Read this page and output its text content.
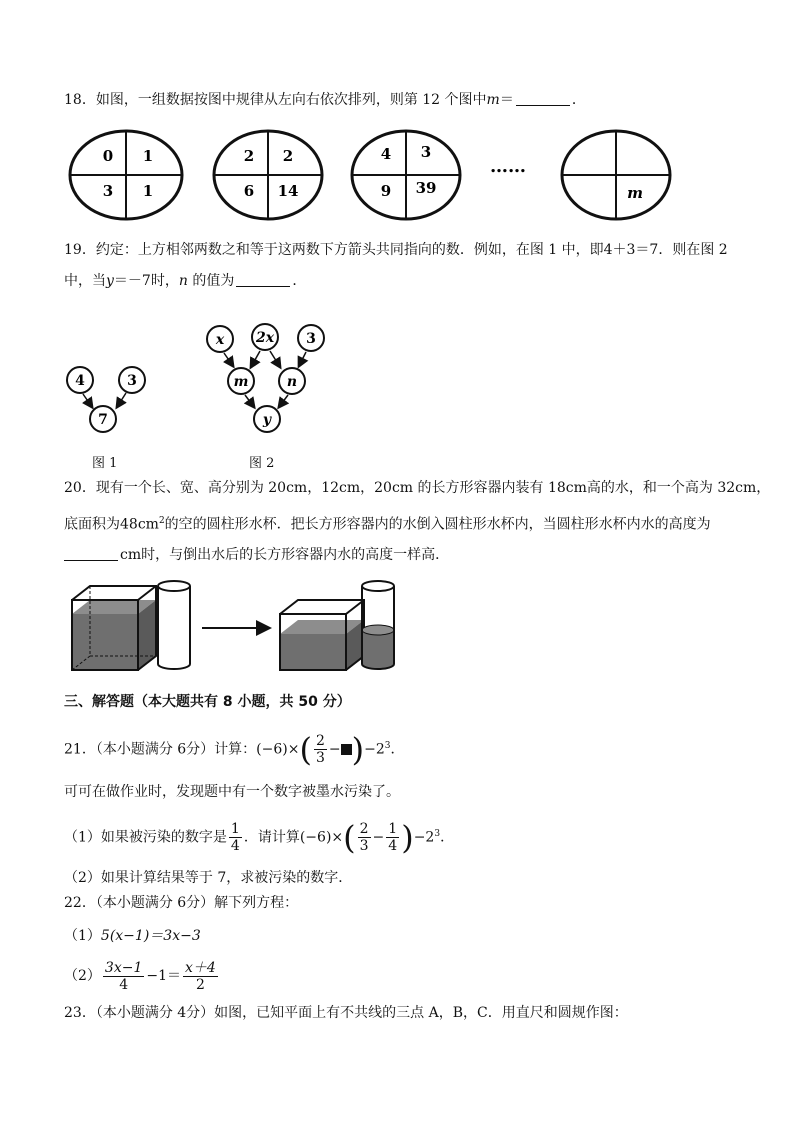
18．如图，一组数据按图中规律从左向右依次排列，则第 12 个图中m＝	．
0 1
3 1
2 2
6 14
4 3
9 39
……
m
19．约定：上方相邻两数之和等于这两数下方箭头共同指向的数．例如，在图 1 中，即4＋3＝7．则在图 2
中，当y＝－7时，n 的值为	．
4	3
7
x 2x 3
m	n
y
图 1	图 2
20．现有一个长、宽、高分别为 20cm，12cm，20cm 的长方形容器内装有 18cm高的水，和一个高为 32cm，
底面积为$48cm^2$的空的圆柱形水杯．把长方形容器内的水倒入圆柱形水杯内，当圆柱形水杯内水的高度为
cm时，与倒出水后的长方形容器内水的高度一样高．
三、解答题（本大题共有 8 小题，共 50 分）
21．（本小题满分 6分）计算：$(-6)\times( \frac{2}{3} - )-2^3$．
可可在做作业时，发现题中有一个数字被墨水污染了。
（1）如果被污染的数字是 $\frac{1}{4}$ ．请计算$(-6)\times( \frac{2}{3} - \frac{1}{4} )-2^3$．
（2）如果计算结果等于 7，求被污染的数字．
22．（本小题满分 6分）解下列方程：
（1）5(x−1)＝3x−3
$(2) \frac{3x-1}{4} -1= \frac{x+4}{2}$
23．（本小题满分 4分）如图，已知平面上有不共线的三点 A，B，C．用直尺和圆规作图：
